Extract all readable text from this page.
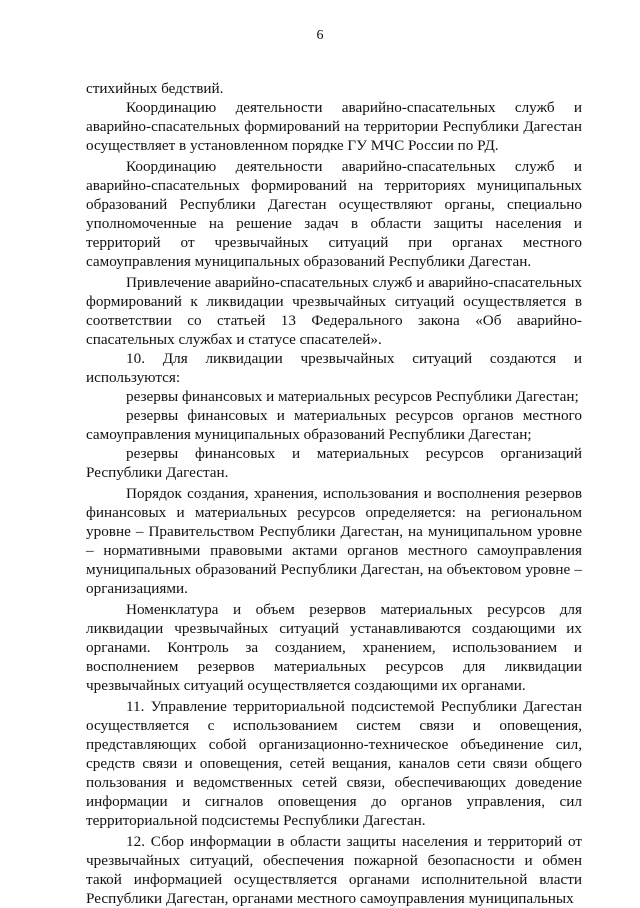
6

стихийных бедствий.

Координацию деятельности аварийно-спасательных служб и аварийно-спасательных формирований на территории Республики Дагестан осуществляет в установленном порядке ГУ МЧС России по РД.

Координацию деятельности аварийно-спасательных служб и аварийно-спасательных формирований на территориях муниципальных образований Республики Дагестан осуществляют органы, специально уполномоченные на решение задач в области защиты населения и территорий от чрезвычайных ситуаций при органах местного самоуправления муниципальных образований Республики Дагестан.

Привлечение аварийно-спасательных служб и аварийно-спасательных формирований к ликвидации чрезвычайных ситуаций осуществляется в соответствии со статьей 13 Федерального закона «Об аварийно-спасательных службах и статусе спасателей».

10. Для ликвидации чрезвычайных ситуаций создаются и используются:

резервы финансовых и материальных ресурсов Республики Дагестан;

резервы финансовых и материальных ресурсов органов местного самоуправления муниципальных образований Республики Дагестан;

резервы финансовых и материальных ресурсов организаций Республики Дагестан.

Порядок создания, хранения, использования и восполнения резервов финансовых и материальных ресурсов определяется: на региональном уровне – Правительством Республики Дагестан, на муниципальном уровне – нормативными правовыми актами органов местного самоуправления муниципальных образований Республики Дагестан, на объектовом уровне – организациями.

Номенклатура и объем резервов материальных ресурсов для ликвидации чрезвычайных ситуаций устанавливаются создающими их органами. Контроль за созданием, хранением, использованием и восполнением резервов материальных ресурсов для ликвидации чрезвычайных ситуаций осуществляется создающими их органами.

11. Управление территориальной подсистемой Республики Дагестан осуществляется с использованием систем связи и оповещения, представляющих собой организационно-техническое объединение сил, средств связи и оповещения, сетей вещания, каналов сети связи общего пользования и ведомственных сетей связи, обеспечивающих доведение информации и сигналов оповещения до органов управления, сил территориальной подсистемы Республики Дагестан.

12. Сбор информации в области защиты населения и территорий от чрезвычайных ситуаций, обеспечения пожарной безопасности и обмен такой информацией осуществляется органами исполнительной власти Республики Дагестан, органами местного самоуправления муниципальных
